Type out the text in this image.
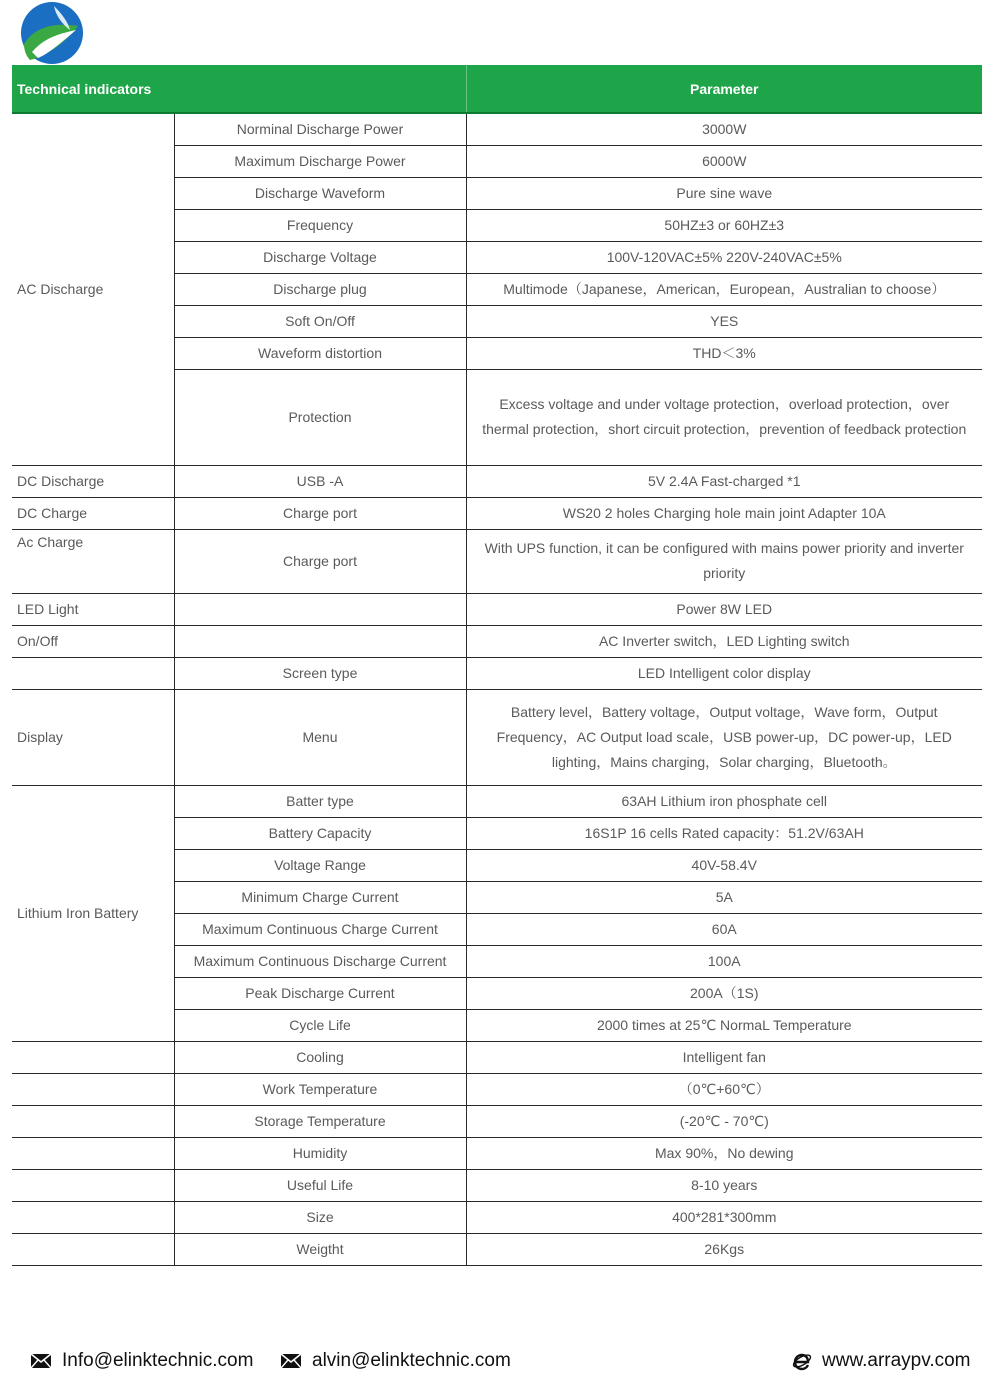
Technical indicators		Parameter
AC Discharge	Norminal Discharge Power	3000W
	Maximum Discharge Power	6000W
	Discharge Waveform	Pure sine wave
	Frequency	50HZ±3 or 60HZ±3
	Discharge Voltage	100V-120VAC±5% 220V-240VAC±5%
	Discharge plug	Multimode（Japanese，American，European，Australian to choose）
	Soft On/Off	YES
	Waveform distortion	THD＜3%
	Protection	Excess voltage and under voltage protection，overload protection，over thermal protection，short circuit protection，prevention of feedback protection
DC Discharge	USB -A	5V 2.4A Fast-charged *1
DC Charge	Charge port	WS20 2 holes Charging hole main joint Adapter 10A
Ac Charge	Charge port	With UPS function, it can be configured with mains power priority and inverter priority
LED Light		Power 8W LED
On/Off		AC Inverter switch，LED Lighting switch
	Screen type	LED Intelligent color display
Display	Menu	Battery level，Battery voltage，Output voltage，Wave form，Output Frequency，AC Output load scale，USB power-up，DC power-up，LED lighting，Mains charging，Solar charging，Bluetooth。
Lithium Iron Battery	Batter type	63AH Lithium iron phosphate cell
	Battery Capacity	16S1P 16 cells Rated capacity：51.2V/63AH
	Voltage Range	40V-58.4V
	Minimum Charge Current	5A
	Maximum Continuous Charge Current	60A
	Maximum Continuous Discharge Current	100A
	Peak Discharge Current	200A（1S)
	Cycle Life	2000 times at 25℃ NormaL Temperature
	Cooling	Intelligent fan
	Work Temperature	（0℃+60℃）
	Storage Temperature	(-20℃ - 70℃)
	Humidity	Max 90%，No dewing
	Useful Life	8-10 years
	Size	400*281*300mm
	Weigtht	26Kgs
Info@elinktechnic.com	alvin@elinktechnic.com	www.arraypv.com
